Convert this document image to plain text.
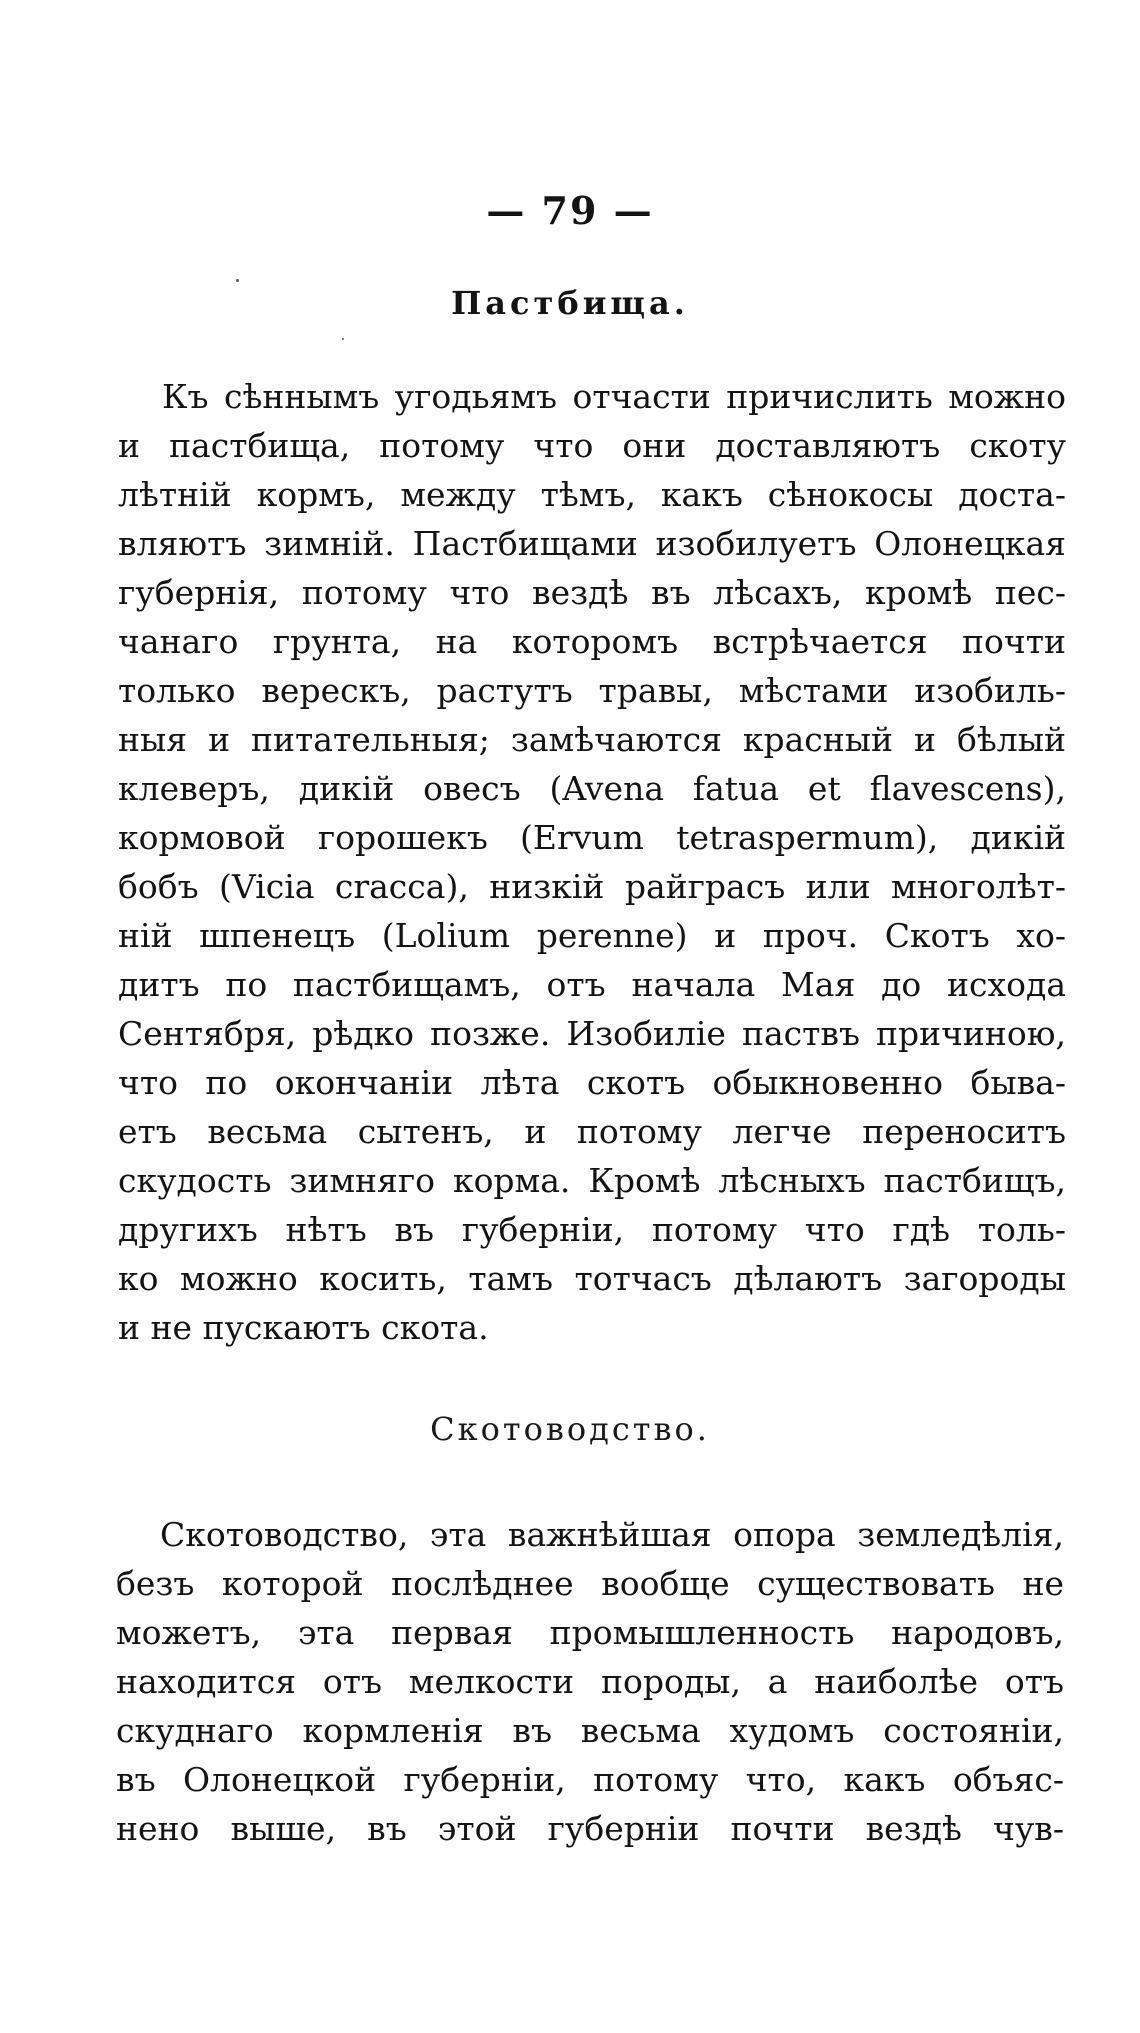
— 79 —
Пастбища.
Къ сѣннымъ угодьямъ отчасти причислить можно
и пастбища, потому что они доставляютъ скоту
лѣтній кормъ, между тѣмъ, какъ сѣнокосы доста-
вляютъ зимній. Пастбищами изобилуетъ Олонецкая
губернія, потому что вездѣ въ лѣсахъ, кромѣ пес-
чанаго грунта, на которомъ встрѣчается почти
только верескъ, растутъ травы, мѣстами изобиль-
ныя и питательныя; замѣчаются красный и бѣлый
клеверъ, дикій овесъ (Avena fatua et flavescens),
кормовой горошекъ (Ervum tetraspermum), дикій
бобъ (Vicia cracca), низкій райграсъ или многолѣт-
ній шпенецъ (Lolium perenne) и проч. Скотъ хо-
дитъ по пастбищамъ, отъ начала Мая до исхода
Сентября, рѣдко позже. Изобиліе паствъ причиною,
что по окончаніи лѣта скотъ обыкновенно бывa-
етъ весьма сытенъ, и потому легче переноситъ
скудость зимняго корма. Кромѣ лѣсныхъ пастбищъ,
другихъ нѣтъ въ губерніи, потому что гдѣ толь-
ко можно косить, тамъ тотчасъ дѣлаютъ загороды
и не пускаютъ скота.
Скотоводство.
Скотоводство, эта важнѣйшая опора земледѣлія,
безъ которой послѣднее вообще существовать не
можетъ, эта первая промышленность народовъ,
находится отъ мелкости породы, а наиболѣе отъ
скуднаго кормленія въ весьма худомъ состояніи,
въ Олонецкой губерніи, потому что, какъ объяс-
нено выше, въ этой губерніи почти вездѣ чув-
